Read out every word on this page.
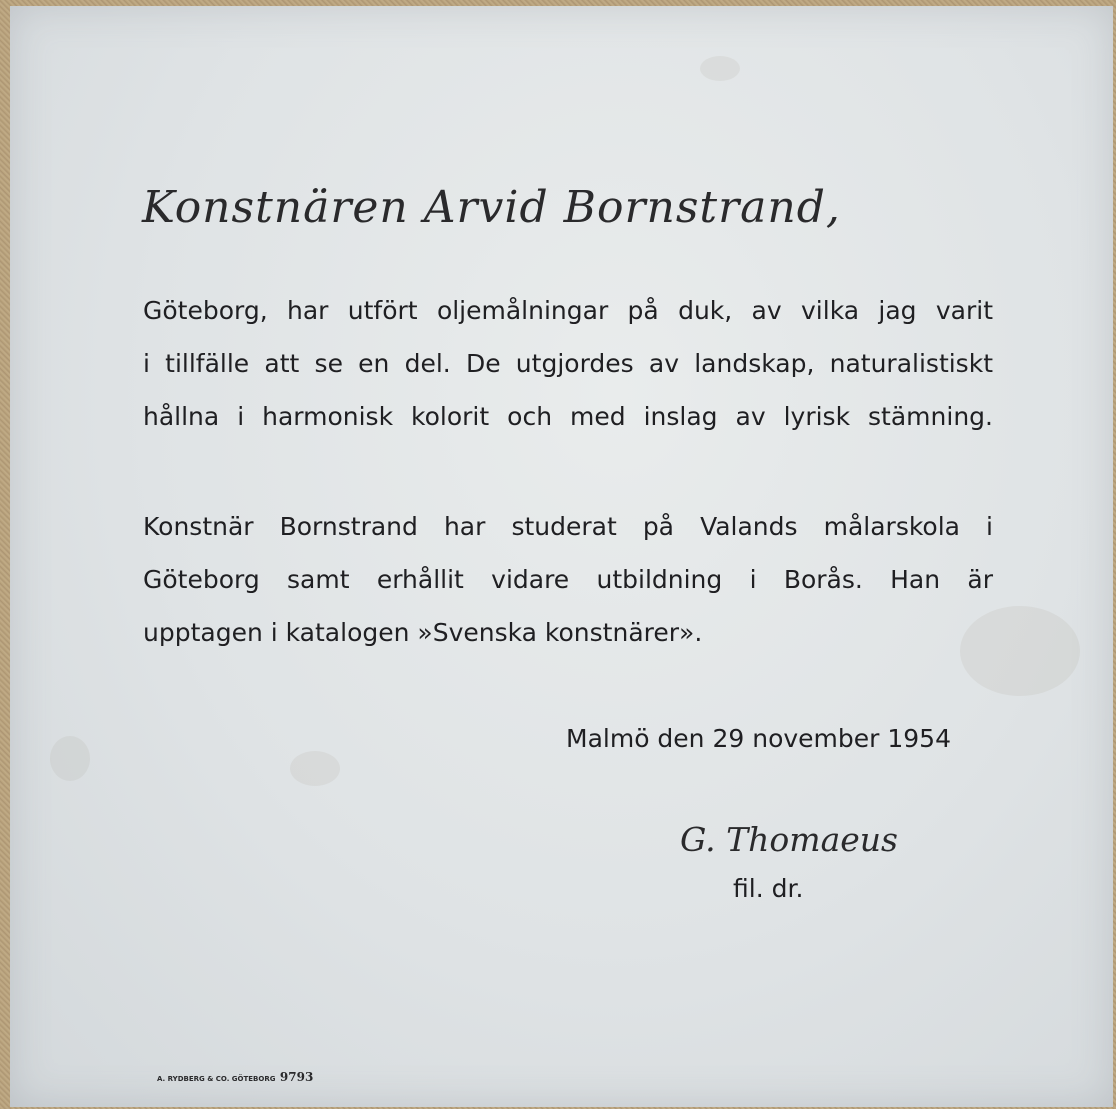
Konstnären Arvid Bornstrand,
Göteborg, har utfört oljemålningar på duk, av vilka jag varit
i tillfälle att se en del. De utgjordes av landskap, naturalistiskt
hållna i harmonisk kolorit och med inslag av lyrisk stämning.
Konstnär Bornstrand har studerat på Valands målarskola i
Göteborg samt erhållit vidare utbildning i Borås. Han är
upptagen i katalogen »Svenska konstnärer».
Malmö den 29 november 1954
G. Thomaeus
fil. dr.
A. RYDBERG & CO. GÖTEBORG 9793
